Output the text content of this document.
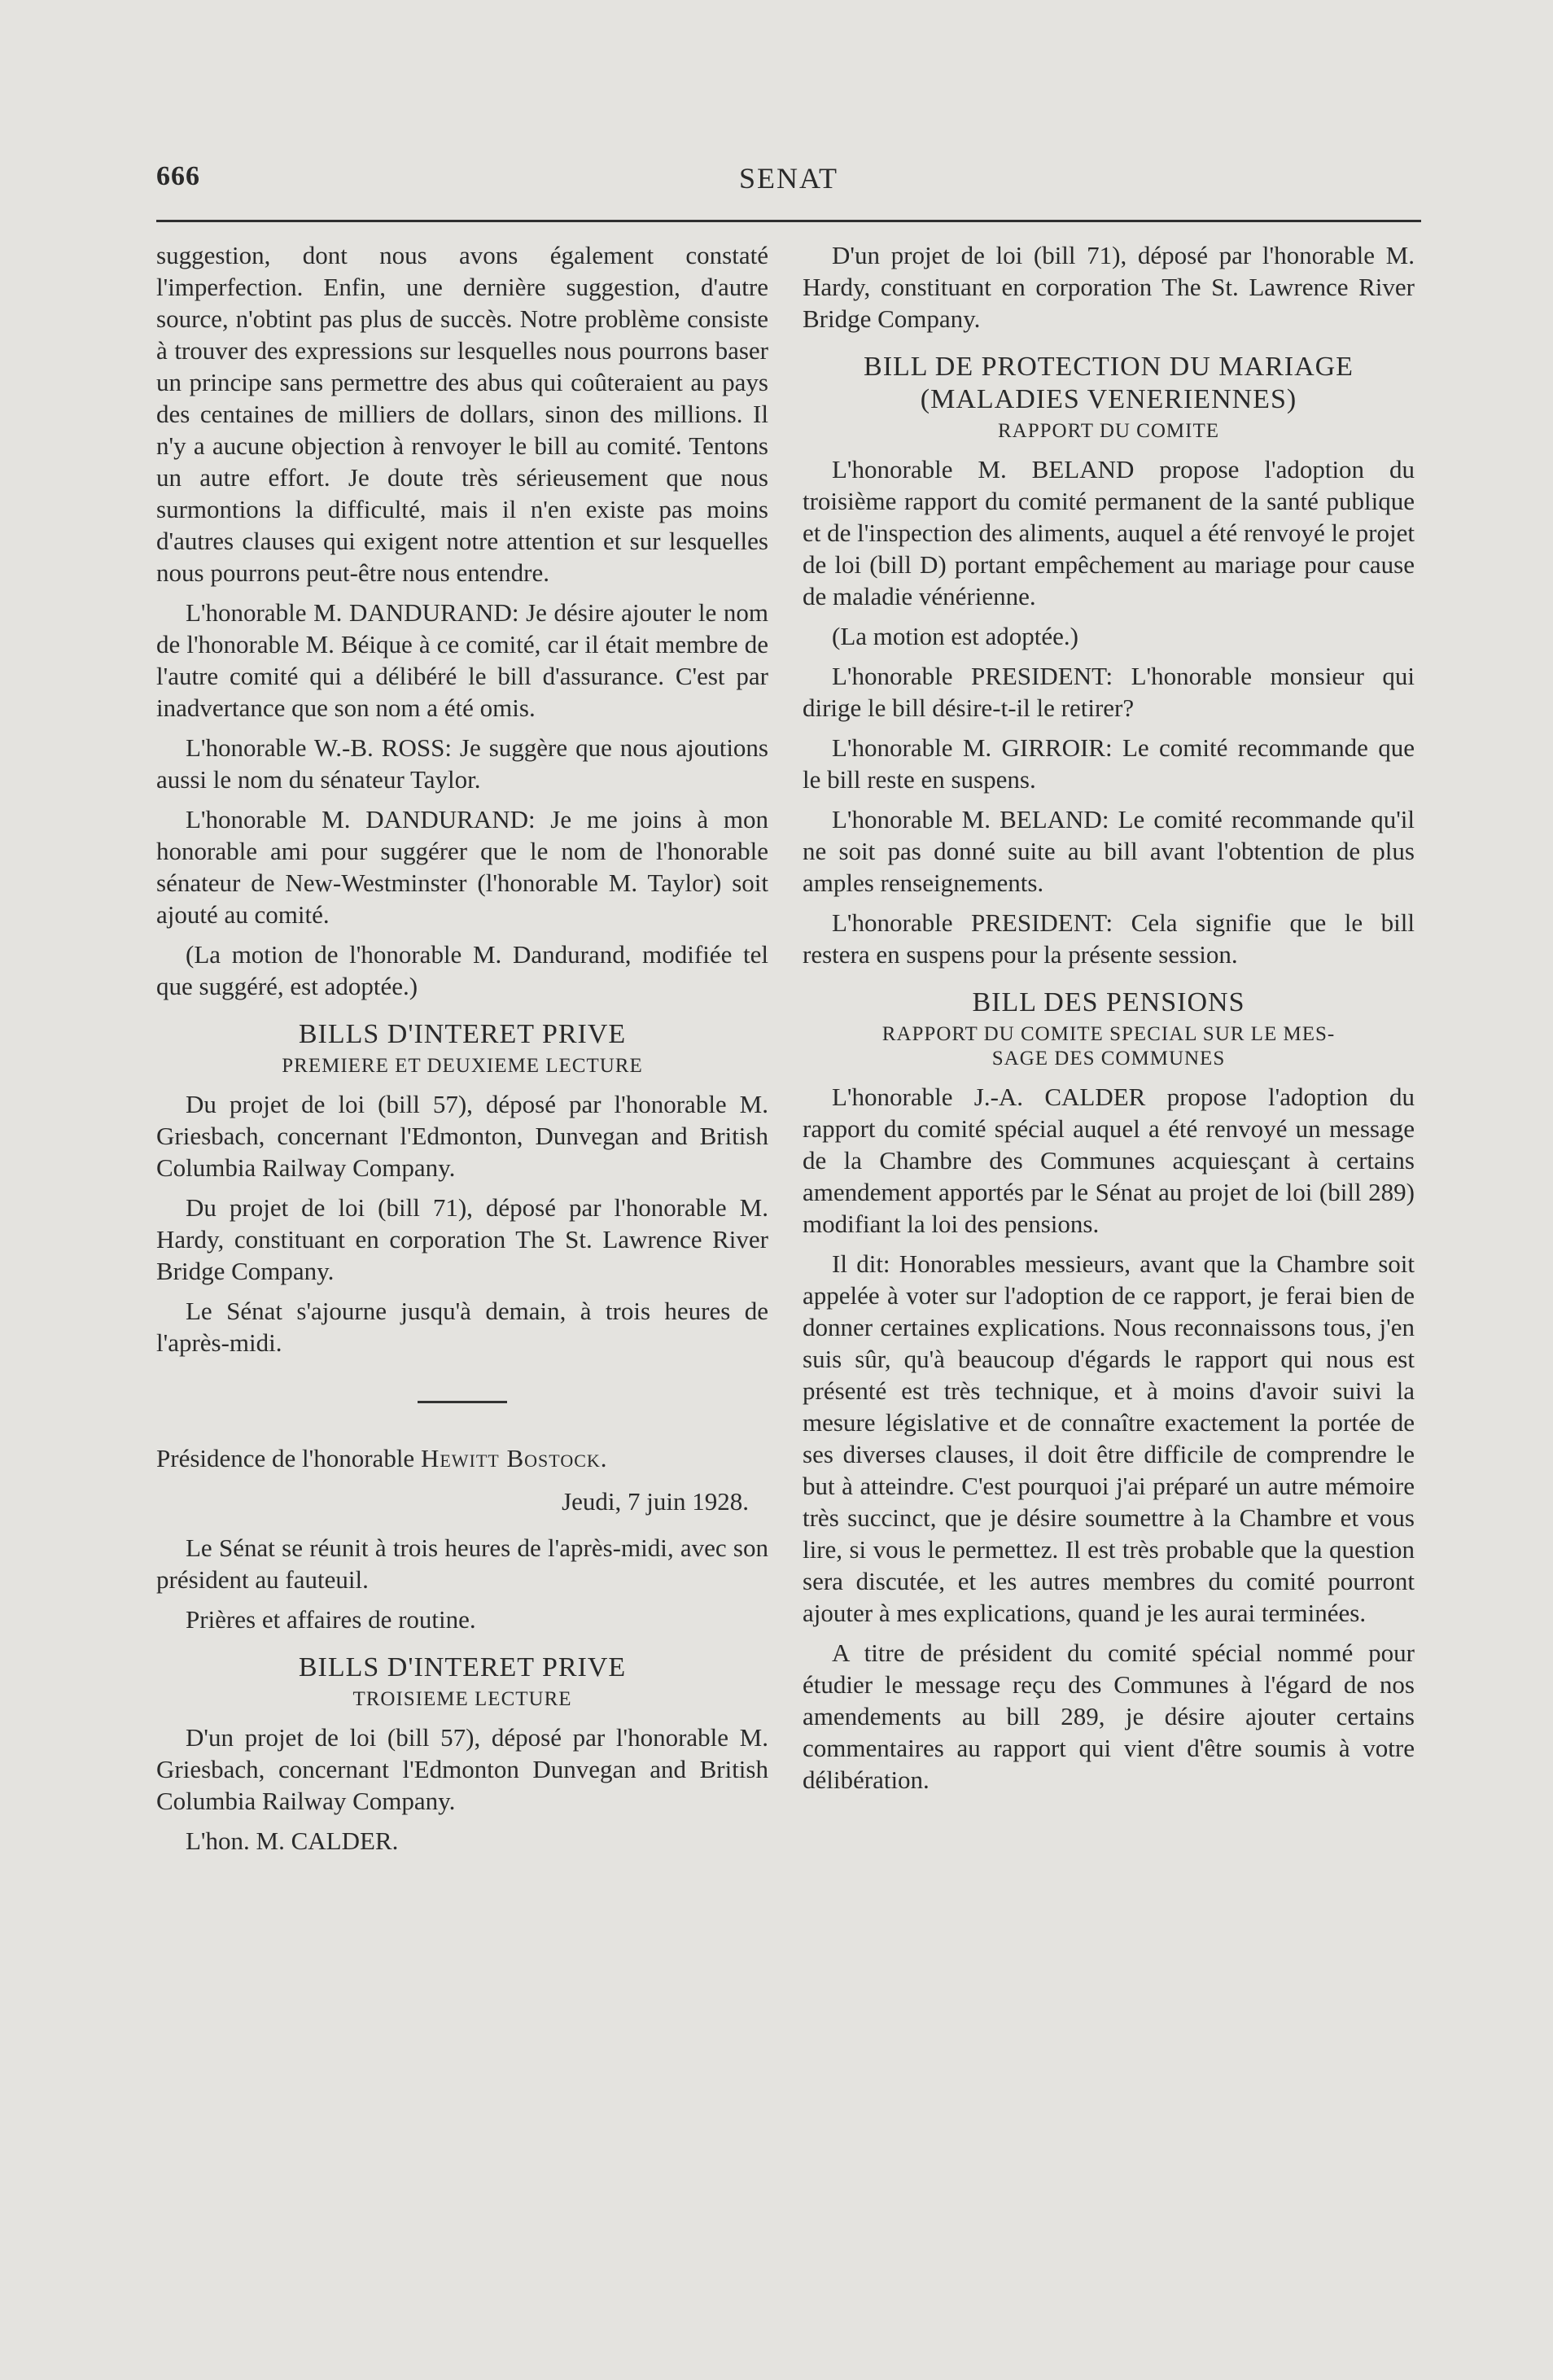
666	SENAT

suggestion, dont nous avons également constaté l'imperfection. Enfin, une dernière suggestion, d'autre source, n'obtint pas plus de succès. Notre problème consiste à trouver des expressions sur lesquelles nous pourrons baser un principe sans permettre des abus qui coûteraient au pays des centaines de milliers de dollars, sinon des millions. Il n'y a aucune objection à renvoyer le bill au comité. Tentons un autre effort. Je doute très sérieusement que nous surmontions la difficulté, mais il n'en existe pas moins d'autres clauses qui exigent notre attention et sur lesquelles nous pourrons peut-être nous entendre.

L'honorable M. DANDURAND: Je désire ajouter le nom de l'honorable M. Béique à ce comité, car il était membre de l'autre comité qui a délibéré le bill d'assurance. C'est par inadvertance que son nom a été omis.

L'honorable W.-B. ROSS: Je suggère que nous ajoutions aussi le nom du sénateur Taylor.

L'honorable M. DANDURAND: Je me joins à mon honorable ami pour suggérer que le nom de l'honorable sénateur de New-Westminster (l'honorable M. Taylor) soit ajouté au comité.

(La motion de l'honorable M. Dandurand, modifiée tel que suggéré, est adoptée.)

BILLS D'INTERET PRIVE
PREMIERE ET DEUXIEME LECTURE

Du projet de loi (bill 57), déposé par l'honorable M. Griesbach, concernant l'Edmonton, Dunvegan and British Columbia Railway Company.

Du projet de loi (bill 71), déposé par l'honorable M. Hardy, constituant en corporation The St. Lawrence River Bridge Company.

Le Sénat s'ajourne jusqu'à demain, à trois heures de l'après-midi.

Présidence de l'honorable Hewitt Bostock.

Jeudi, 7 juin 1928.

Le Sénat se réunit à trois heures de l'après-midi, avec son président au fauteuil.

Prières et affaires de routine.

BILLS D'INTERET PRIVE
TROISIEME LECTURE

D'un projet de loi (bill 57), déposé par l'honorable M. Griesbach, concernant l'Edmonton Dunvegan and British Columbia Railway Company.

L'hon. M. CALDER.

D'un projet de loi (bill 71), déposé par l'honorable M. Hardy, constituant en corporation The St. Lawrence River Bridge Company.

BILL DE PROTECTION DU MARIAGE
(MALADIES VENERIENNES)
RAPPORT DU COMITE

L'honorable M. BELAND propose l'adoption du troisième rapport du comité permanent de la santé publique et de l'inspection des aliments, auquel a été renvoyé le projet de loi (bill D) portant empêchement au mariage pour cause de maladie vénérienne.

(La motion est adoptée.)

L'honorable PRESIDENT: L'honorable monsieur qui dirige le bill désire-t-il le retirer?

L'honorable M. GIRROIR: Le comité recommande que le bill reste en suspens.

L'honorable M. BELAND: Le comité recommande qu'il ne soit pas donné suite au bill avant l'obtention de plus amples renseignements.

L'honorable PRESIDENT: Cela signifie que le bill restera en suspens pour la présente session.

BILL DES PENSIONS
RAPPORT DU COMITE SPECIAL SUR LE MES-
SAGE DES COMMUNES

L'honorable J.-A. CALDER propose l'adoption du rapport du comité spécial auquel a été renvoyé un message de la Chambre des Communes acquiesçant à certains amendement apportés par le Sénat au projet de loi (bill 289) modifiant la loi des pensions.

Il dit: Honorables messieurs, avant que la Chambre soit appelée à voter sur l'adoption de ce rapport, je ferai bien de donner certaines explications. Nous reconnaissons tous, j'en suis sûr, qu'à beaucoup d'égards le rapport qui nous est présenté est très technique, et à moins d'avoir suivi la mesure législative et de connaître exactement la portée de ses diverses clauses, il doit être difficile de comprendre le but à atteindre. C'est pourquoi j'ai préparé un autre mémoire très succinct, que je désire soumettre à la Chambre et vous lire, si vous le permettez. Il est très probable que la question sera discutée, et les autres membres du comité pourront ajouter à mes explications, quand je les aurai terminées.

A titre de président du comité spécial nommé pour étudier le message reçu des Communes à l'égard de nos amendements au bill 289, je désire ajouter certains commentaires au rapport qui vient d'être soumis à votre délibération.
